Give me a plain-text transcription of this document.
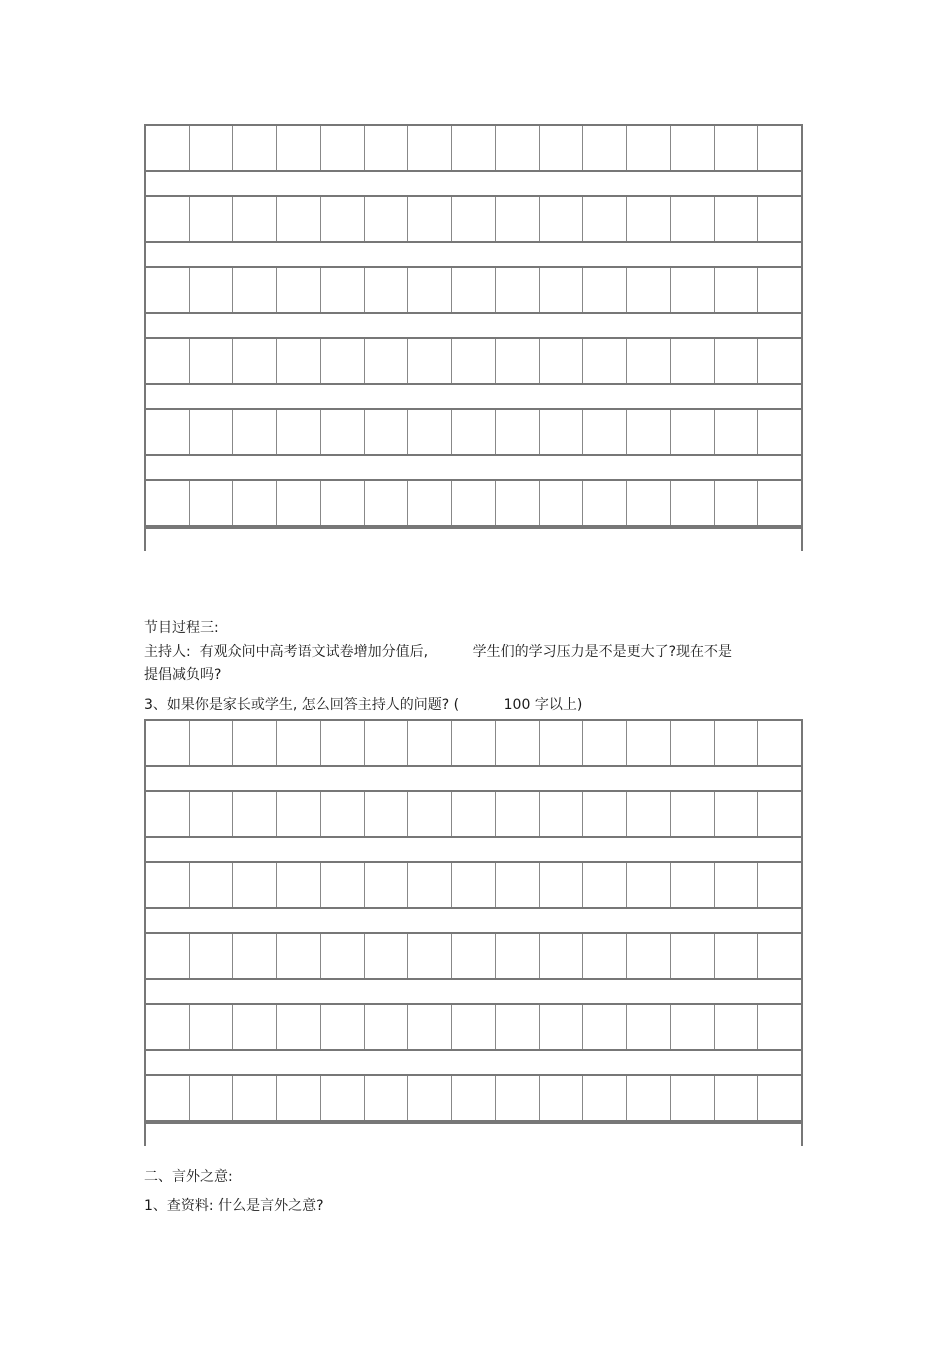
节目过程三:
主持人:  有观众问中高考语文试卷增加分值后,          学生们的学习压力是不是更大了?现在不是
提倡减负吗?
3、如果你是家长或学生, 怎么回答主持人的问题? (          100 字以上)
二、言外之意:
1、查资料: 什么是言外之意?
